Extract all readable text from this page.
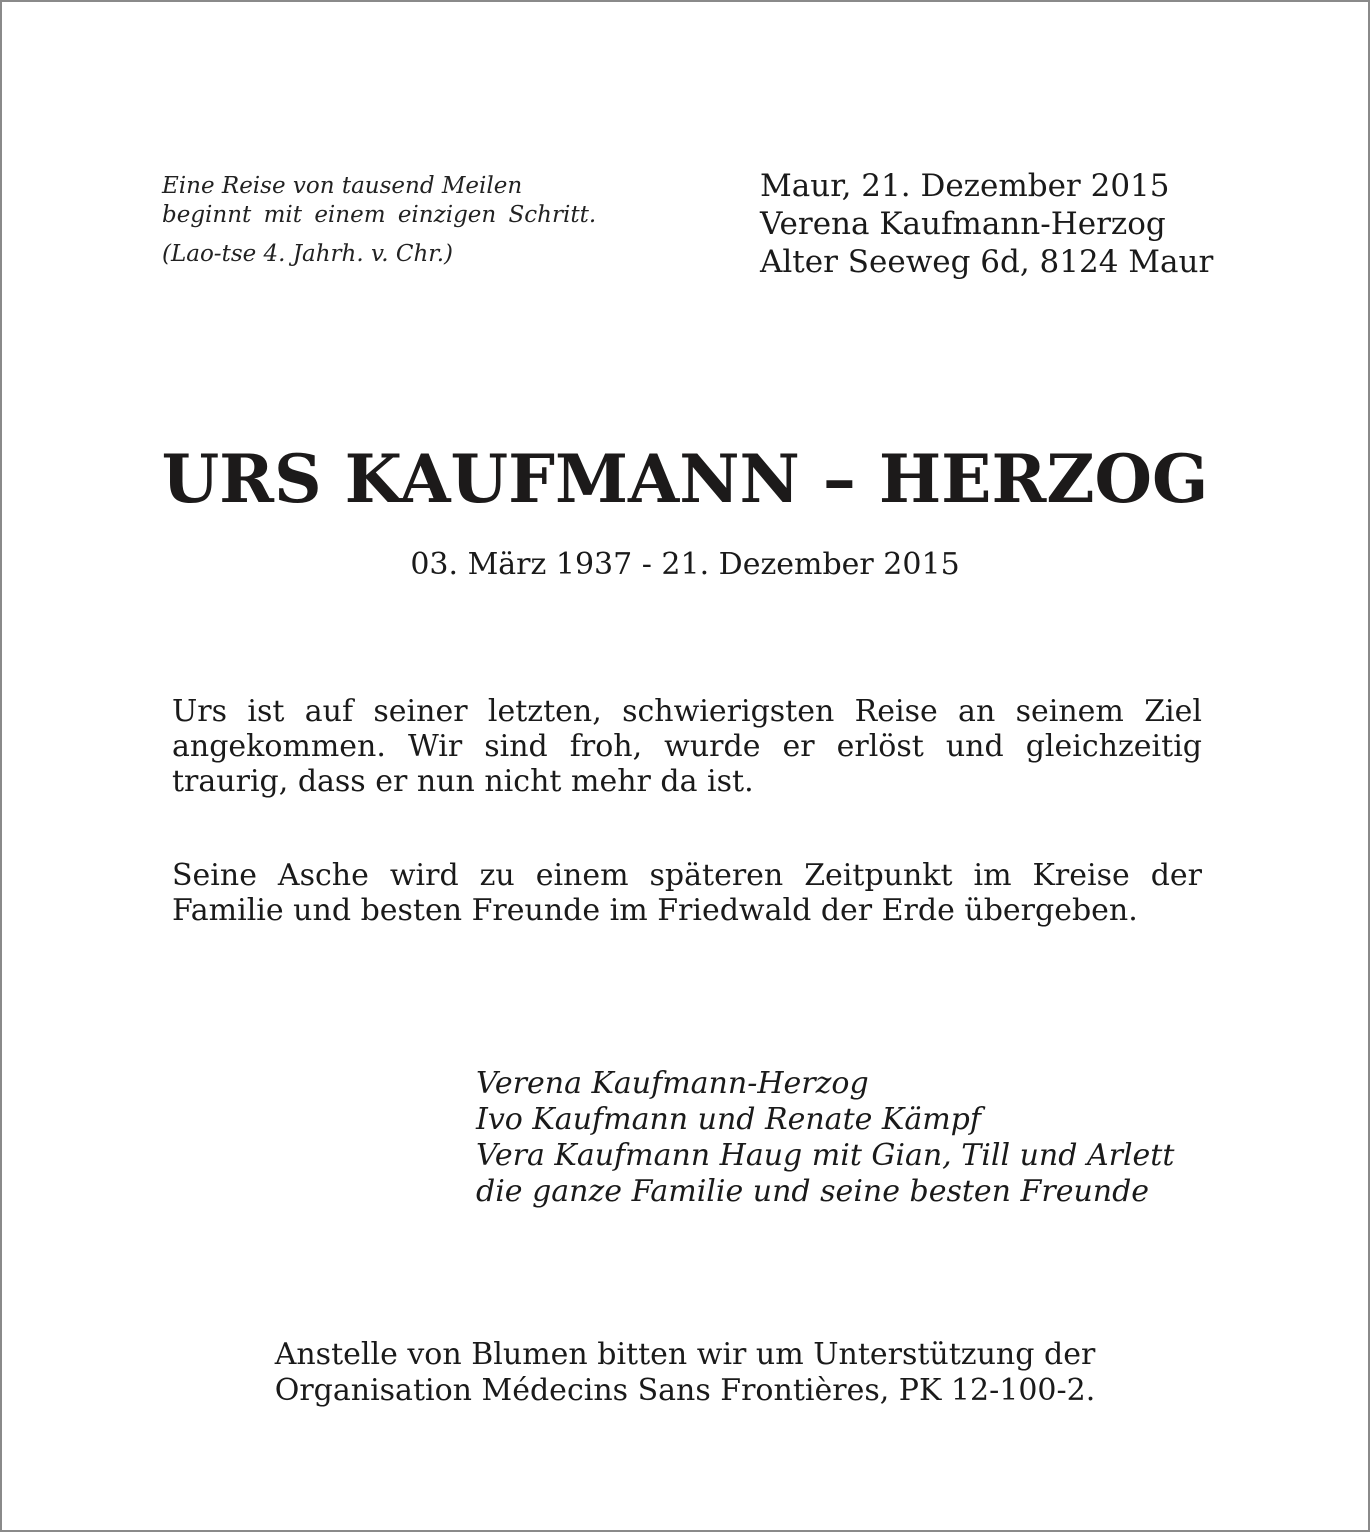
Eine Reise von tausend Meilen
beginnt mit einem einzigen Schritt.
(Lao-tse 4. Jahrh. v. Chr.)
Maur, 21. Dezember 2015
Verena Kaufmann-Herzog
Alter Seeweg 6d, 8124 Maur
URS KAUFMANN – HERZOG
03. März 1937 - 21. Dezember 2015
Urs ist auf seiner letzten, schwierigsten Reise an seinem Ziel angekommen. Wir sind froh, wurde er erlöst und gleichzeitig traurig, dass er nun nicht mehr da ist.
Seine Asche wird zu einem späteren Zeitpunkt im Kreise der Familie und besten Freunde im Friedwald der Erde übergeben.
Verena Kaufmann-Herzog
Ivo Kaufmann und Renate Kämpf
Vera Kaufmann Haug mit Gian, Till und Arlett
die ganze Familie und seine besten Freunde
Anstelle von Blumen bitten wir um Unterstützung der
Organisation Médecins Sans Frontières, PK 12-100-2.
